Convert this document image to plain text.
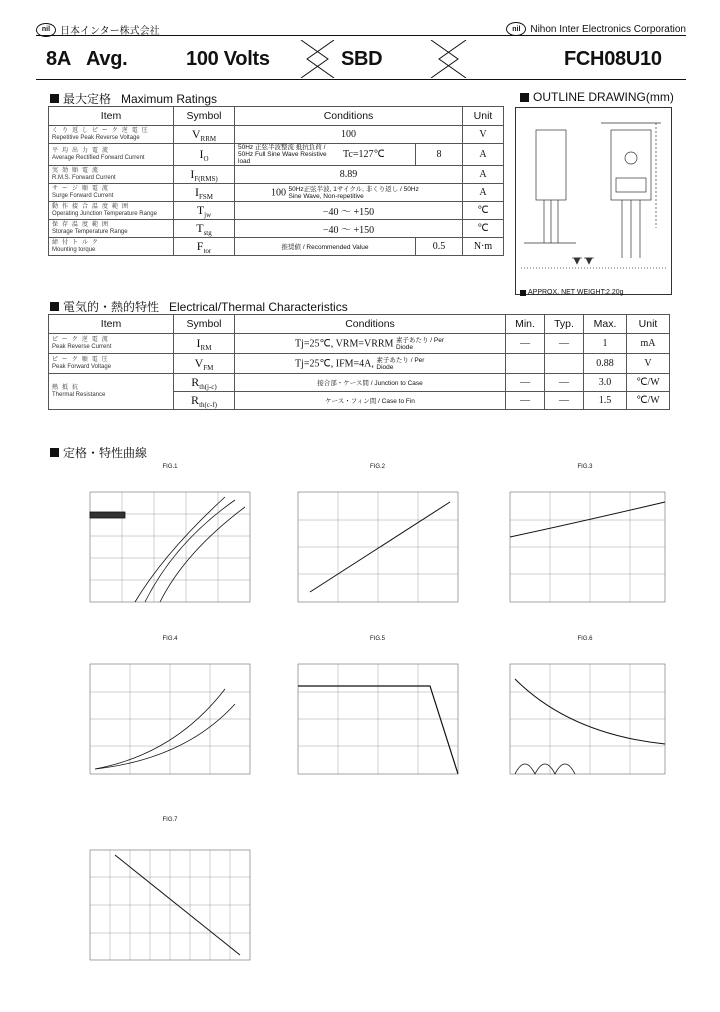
nil 日本インター株式会社	nil Nihon Inter Electronics Corporation
8A Avg.	100 Volts	SBD	FCH08U10
最大定格 Maximum Ratings
Item	Symbol	Conditions		Unit

くり返しピーク逆電圧
Repetitive Peak Reverse Voltage	$V_{RRM}$	100		V

平均出力電流
Average Rectified Forward Current	$I_O$	50Hz 正弦半波整流 抵抗負荷 / 50Hz Full Sine Wave Resistive loadTc=127℃	8	A

実効順電流
R.M.S. Forward Current	$I_{F(RMS)}$	8.89		A

サージ順電流
Surge Forward Current	$I_{FSM}$	100 50Hz正弦半波, 1サイクル, 非くり返し / 50Hz Sine Wave, Non-repetitive		A

動作接合温度範囲
Operating Junction Temperature Range	$T_{jw}$	−40 〜 +150		℃

保存温度範囲
Storage Temperature Range	$T_{stg}$	−40 〜 +150		℃

締付トルク
Mounting torque	$F_{tor}$	推奨値 / Recommended Value	0.5	N·m
OUTLINE DRAWING(mm)
APPROX. NET WEIGHT:2.20g
電気的・熱的特性 Electrical/Thermal Characteristics
Item	Symbol	Conditions	Min.	Typ.	Max.	Unit

ピーク逆電流
Peak Reverse Current	$I_{RM}$	Tj=25℃, VRM=VRRM 素子あたり / Per Diode	—	—	1	mA

ピーク順電圧
Peak Forward Voltage	$V_{FM}$	Tj=25℃, IFM=4A, 素子あたり / Per Diode			0.88	V

熱抵抗
Thermal Resistance	$R_{th(j-c)}$	接合部・ケース間 / Junction to Case	—	—	3.0	℃/W
	$R_{th(c-f)}$	ケース・フィン間 / Case to Fin	—	—	1.5	℃/W
定格・特性曲線
FIG.1	FIG.2	FIG.3
FIG.4	FIG.5	FIG.6
FIG.7
